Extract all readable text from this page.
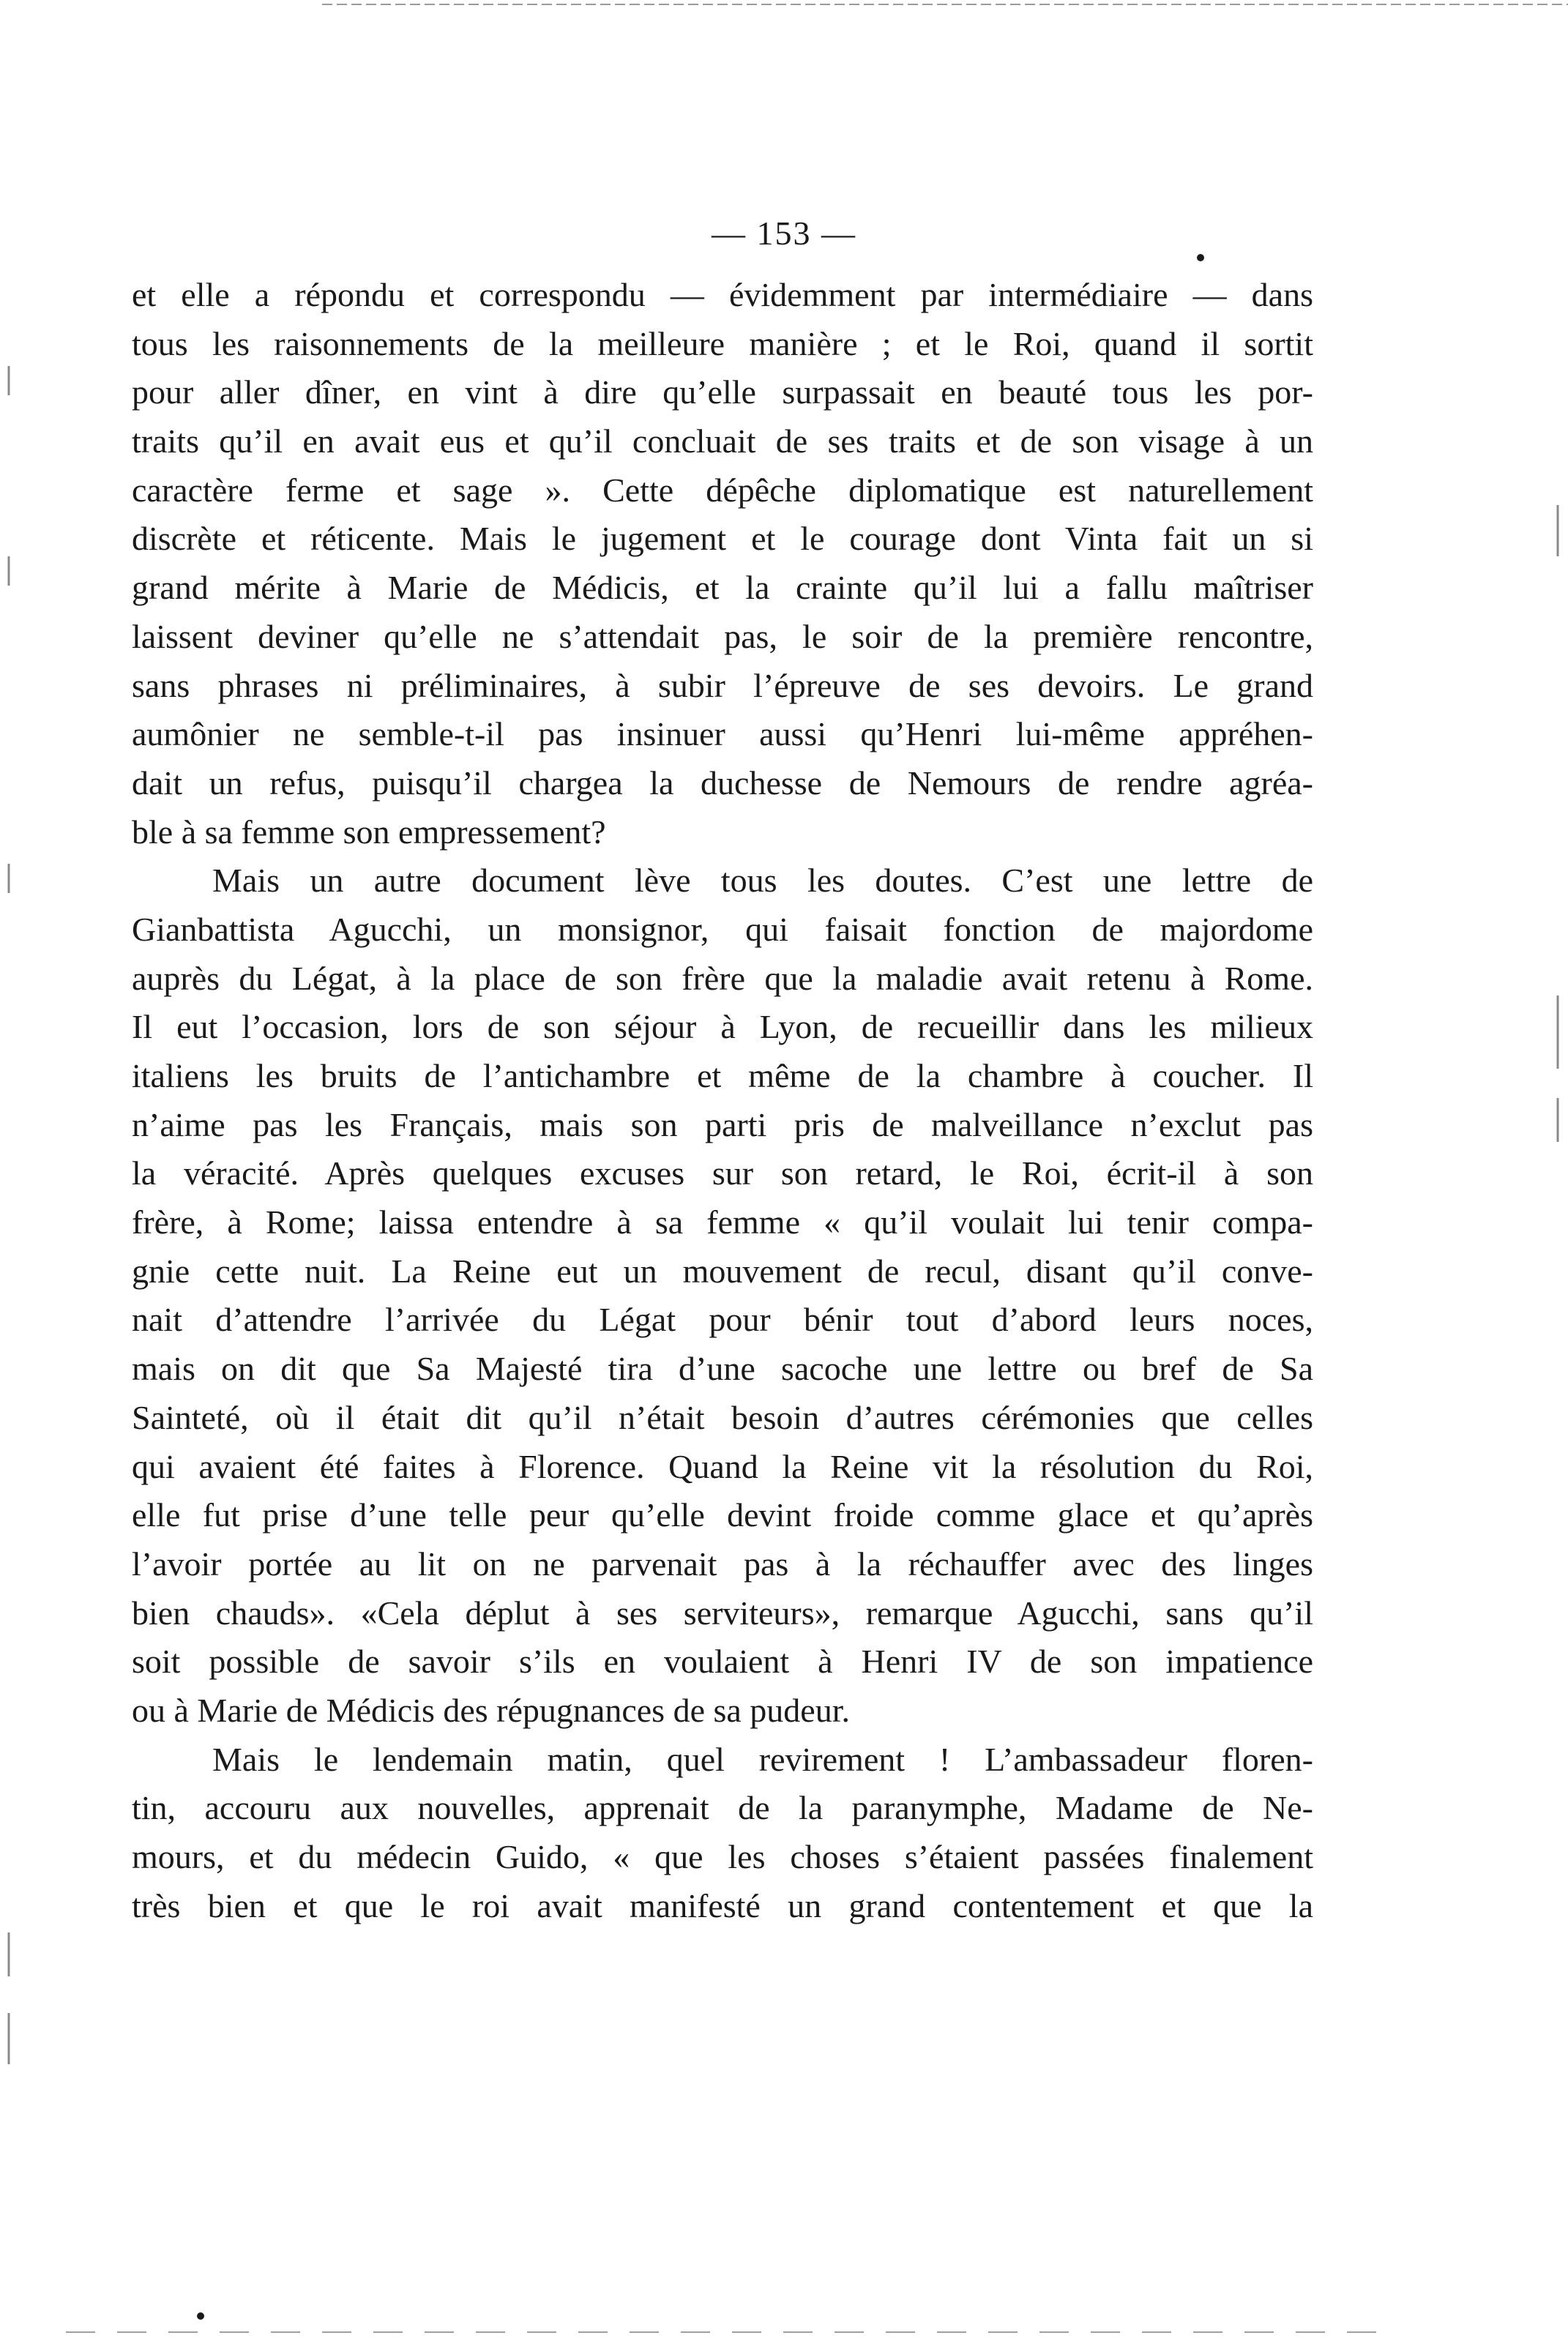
— 153 —
et elle a répondu et correspondu — évidemment par intermédiaire — dans
tous les raisonnements de la meilleure manière ; et le Roi, quand il sortit
pour aller dîner, en vint à dire qu’elle surpassait en beauté tous les por-
traits qu’il en avait eus et qu’il concluait de ses traits et de son visage à un
caractère ferme et sage ». Cette dépêche diplomatique est naturellement
discrète et réticente. Mais le jugement et le courage dont Vinta fait un si
grand mérite à Marie de Médicis, et la crainte qu’il lui a fallu maîtriser
laissent deviner qu’elle ne s’attendait pas, le soir de la première rencontre,
sans phrases ni préliminaires, à subir l’épreuve de ses devoirs. Le grand
aumônier ne semble-t-il pas insinuer aussi qu’Henri lui-même appréhen-
dait un refus, puisqu’il chargea la duchesse de Nemours de rendre agréa-
ble à sa femme son empressement?
Mais un autre document lève tous les doutes. C’est une lettre de
Gianbattista Agucchi, un monsignor, qui faisait fonction de majordome
auprès du Légat, à la place de son frère que la maladie avait retenu à Rome.
Il eut l’occasion, lors de son séjour à Lyon, de recueillir dans les milieux
italiens les bruits de l’antichambre et même de la chambre à coucher. Il
n’aime pas les Français, mais son parti pris de malveillance n’exclut pas
la véracité. Après quelques excuses sur son retard, le Roi, écrit-il à son
frère, à Rome; laissa entendre à sa femme « qu’il voulait lui tenir compa-
gnie cette nuit. La Reine eut un mouvement de recul, disant qu’il conve-
nait d’attendre l’arrivée du Légat pour bénir tout d’abord leurs noces,
mais on dit que Sa Majesté tira d’une sacoche une lettre ou bref de Sa
Sainteté, où il était dit qu’il n’était besoin d’autres cérémonies que celles
qui avaient été faites à Florence. Quand la Reine vit la résolution du Roi,
elle fut prise d’une telle peur qu’elle devint froide comme glace et qu’après
l’avoir portée au lit on ne parvenait pas à la réchauffer avec des linges
bien chauds». «Cela déplut à ses serviteurs», remarque Agucchi, sans qu’il
soit possible de savoir s’ils en voulaient à Henri IV de son impatience
ou à Marie de Médicis des répugnances de sa pudeur.
Mais le lendemain matin, quel revirement ! L’ambassadeur floren-
tin, accouru aux nouvelles, apprenait de la paranymphe, Madame de Ne-
mours, et du médecin Guido, « que les choses s’étaient passées finalement
très bien et que le roi avait manifesté un grand contentement et que la
